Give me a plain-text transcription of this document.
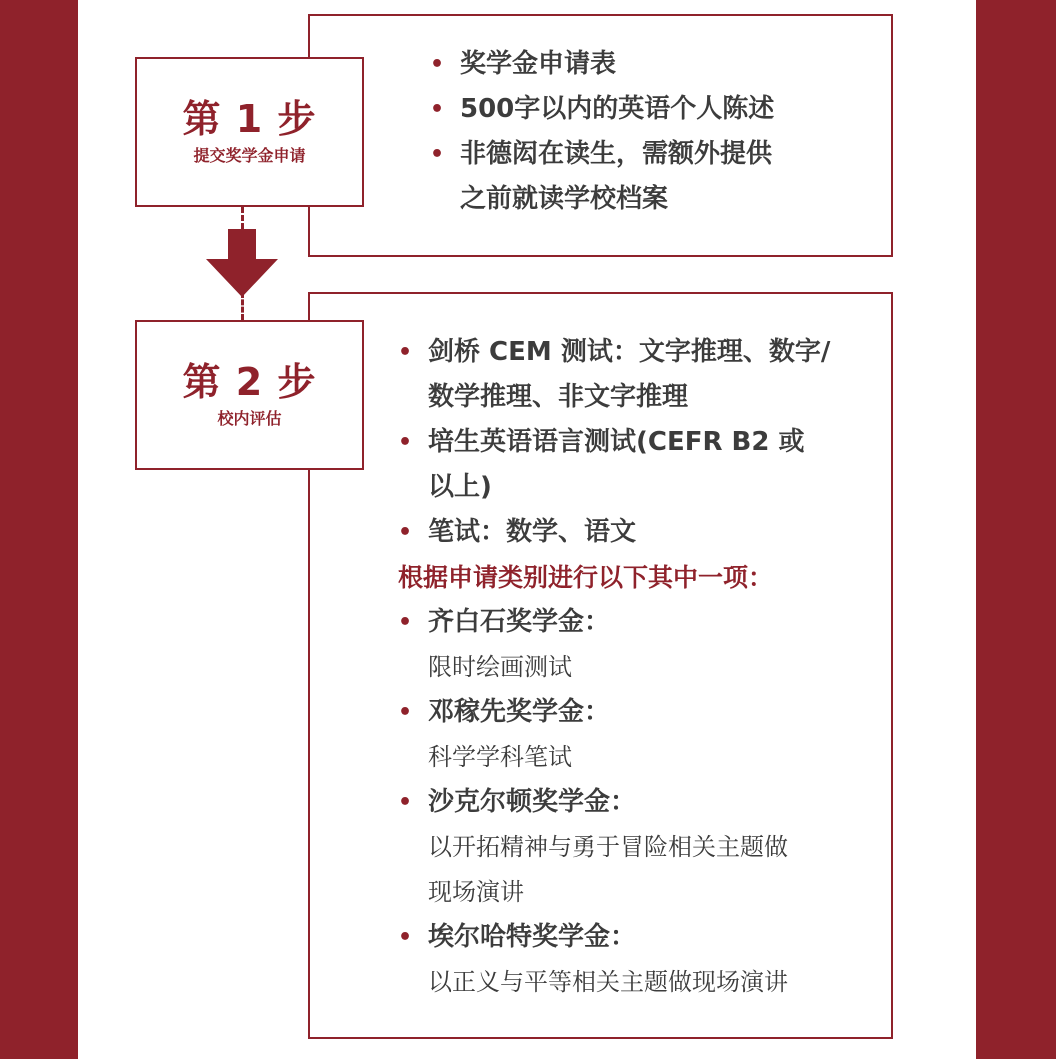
第 1 步
提交奖学金申请
第 2 步
校内评估
• 奖学金申请表
• 500字以内的英语个人陈述
• 非德闳在读生，需额外提供
之前就读学校档案
• 剑桥 CEM 测试：文字推理、数字/
数学推理、非文字推理
• 培生英语语言测试(CEFR B2 或
以上)
• 笔试：数学、语文
根据申请类别进行以下其中一项：
• 齐白石奖学金：
限时绘画测试
• 邓稼先奖学金：
科学学科笔试
• 沙克尔顿奖学金：
以开拓精神与勇于冒险相关主题做
现场演讲
• 埃尔哈特奖学金：
以正义与平等相关主题做现场演讲
